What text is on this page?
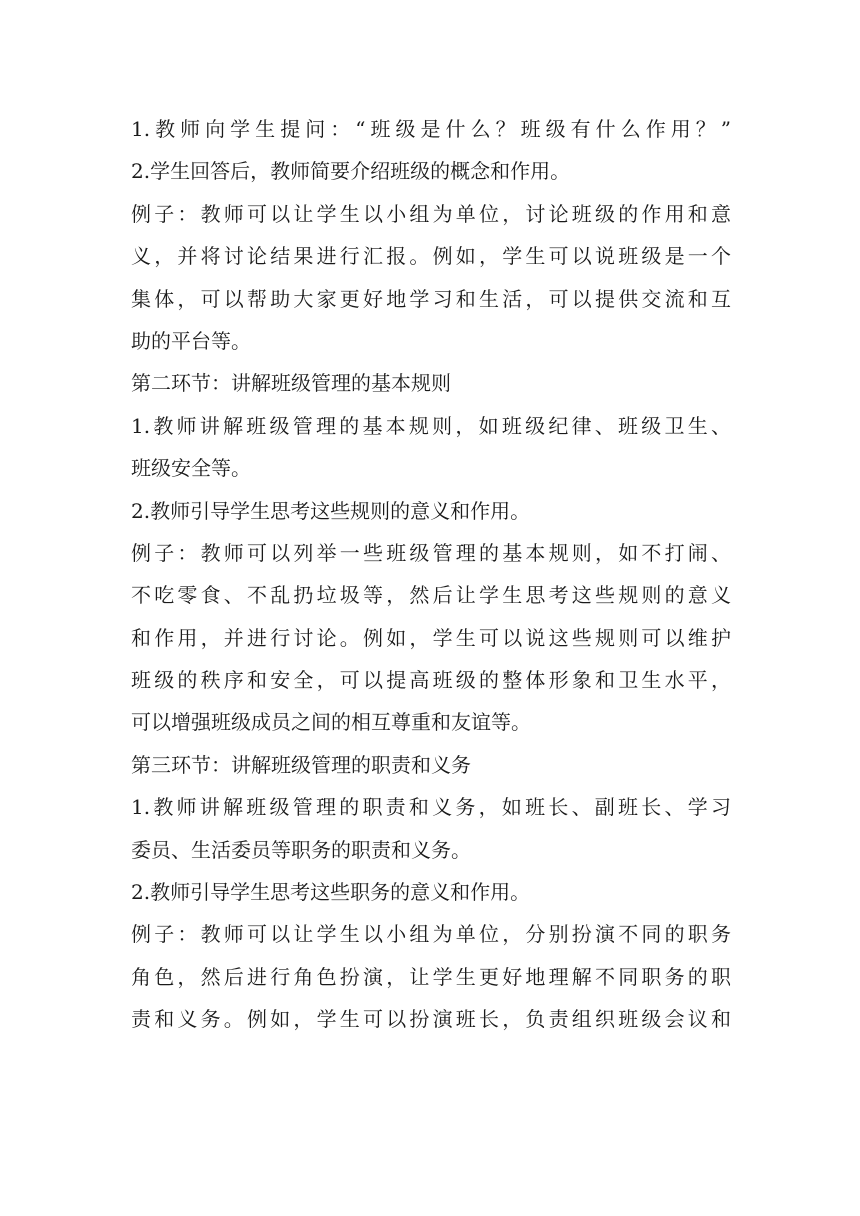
1.教师向学生提问：“班级是什么？班级有什么作用？”
2.学生回答后，教师简要介绍班级的概念和作用。
例子：教师可以让学生以小组为单位，讨论班级的作用和意
义，并将讨论结果进行汇报。例如，学生可以说班级是一个
集体，可以帮助大家更好地学习和生活，可以提供交流和互
助的平台等。
第二环节：讲解班级管理的基本规则
1.教师讲解班级管理的基本规则，如班级纪律、班级卫生、
班级安全等。
2.教师引导学生思考这些规则的意义和作用。
例子：教师可以列举一些班级管理的基本规则，如不打闹、
不吃零食、不乱扔垃圾等，然后让学生思考这些规则的意义
和作用，并进行讨论。例如，学生可以说这些规则可以维护
班级的秩序和安全，可以提高班级的整体形象和卫生水平，
可以增强班级成员之间的相互尊重和友谊等。
第三环节：讲解班级管理的职责和义务
1.教师讲解班级管理的职责和义务，如班长、副班长、学习
委员、生活委员等职务的职责和义务。
2.教师引导学生思考这些职务的意义和作用。
例子：教师可以让学生以小组为单位，分别扮演不同的职务
角色，然后进行角色扮演，让学生更好地理解不同职务的职
责和义务。例如，学生可以扮演班长，负责组织班级会议和
